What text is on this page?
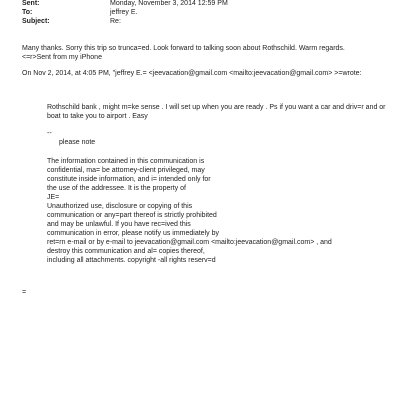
Sent:	Monday, November 3, 2014 12:59 PM
To:	jeffrey E.
Subject:	Re:
Many thanks. Sorry this trip so trunca=ed. Look forward to talking soon about Rothschild. Warm regards.
<=r>Sent from my iPhone
On Nov 2, 2014, at 4:05 PM, "jeffrey E.= <jeevacation@gmail.com <mailto:jeevacation@gmail.com> >=wrote:
Rothschild bank , might m=ke sense . I will set up when you are ready . Ps if you want a car and driv=r and or
boat to take you to airport . Easy
--
please note
The information contained in this communication is
confidential, ma= be attorney-client privileged, may
constitute inside information, and i= intended only for
the use of the addressee. It is the property of
JE=
Unauthorized use, disclosure or copying of this
communication or any=part thereof is strictly prohibited
and may be unlawful. If you have rec=ived this
communication in error, please notify us immediately by
ret=rn e-mail or by e-mail to jeevacation@gmail.com <mailto:jeevacation@gmail.com> , and
destroy this communication and al= copies thereof,
including all attachments. copyright -all rights reserv=d
=
